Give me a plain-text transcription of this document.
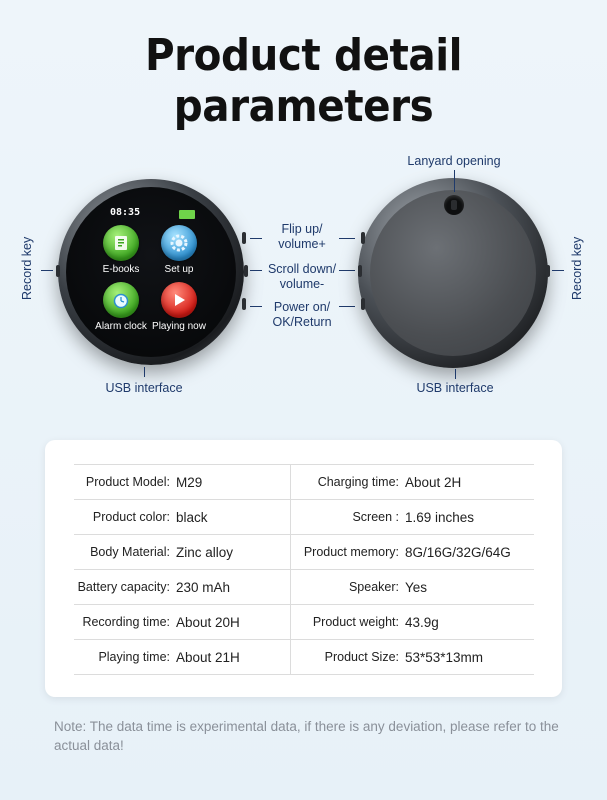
Product detail parameters
08:35
E-books	Set up
Alarm clock Playing now
Record key
Flip up/
volume+
Scroll down/
volume-
Power on/
OK/Return
USB interface
Lanyard opening
Record key
USB interface
Product Model:	M29	Charging time:	About 2H
Product color:	black	Screen :	1.69 inches
Body Material:	Zinc alloy	Product memory:	8G/16G/32G/64G
Battery capacity:	230 mAh	Speaker:	Yes
Recording time:	About 20H	Product weight:	43.9g
Playing time:	About 21H	Product Size:	53*53*13mm
Note: The data time is experimental data, if there is any deviation, please refer to the actual data!
